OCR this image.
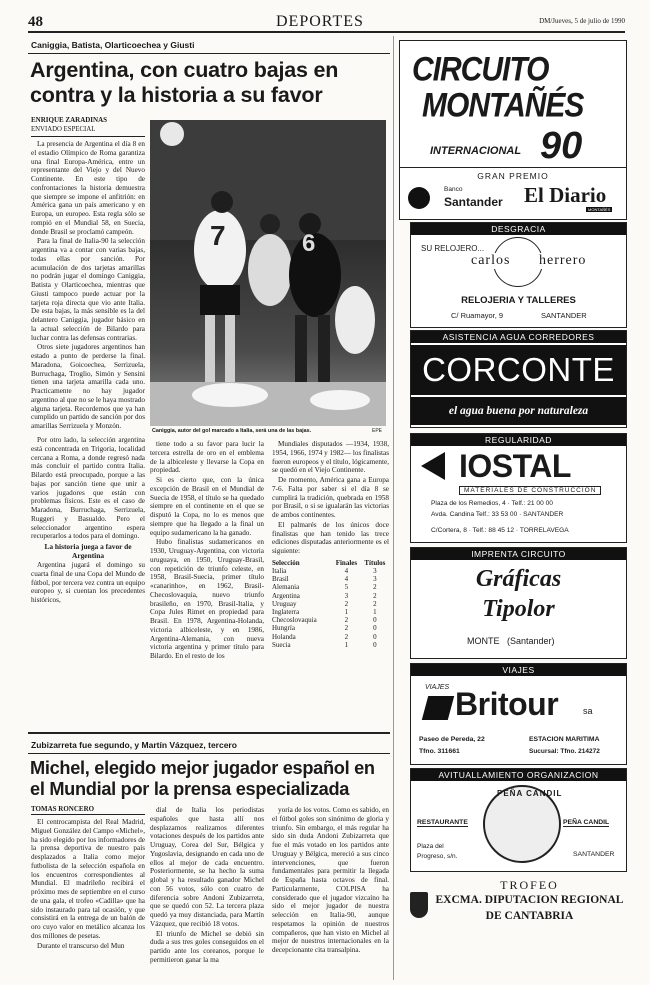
48	DEPORTES	DM/Jueves, 5 de julio de 1990
Caniggia, Batista, Olarticoechea y Giusti
Argentina, con cuatro bajas en contra y la historia a su favor
ENRIQUE ZARADINAS
ENVIADO ESPECIAL
7	6
Caniggia, autor del gol marcado a Italia, será una de las bajas.	EPE

La presencia de Argentina el día 8 en el estadio Olímpico de Roma garantiza una final Europa-América, entre un representante del Viejo y del Nuevo Continente. En este tipo de confrontaciones la historia demuestra que siempre se impone el anfitrión: en América gana un país americano y en Europa, un europeo. Esta regla sólo se rompió en el Mundial 58, en Suecia, donde Brasil se proclamó campeón.

Para la final de Italia-90 la selección argentina va a contar con varias bajas, todas ellas por sanción. Por acumulación de dos tarjetas amarillas no podrán jugar el domingo Caniggia, Batista y Olarticoechea, mientras que Giusti tampoco puede actuar por la tarjeta roja directa que vio ante Italia. De esta bajas, la más sensible es la del delantero Caniggia, jugador básico en la actual selección de Bilardo para luchar contra las defensas contrarias.

Otros siete jugadores argentinos han estado a punto de perderse la final. Maradona, Goicoechea, Serrizuela, Burruchaga, Troglio, Simón y Sensini tienen una tarjeta amarilla cada uno. Practicamente no hay jugador argentino al que no se le haya mostrado alguna tarjeta. Recordemos que ya han cumplido un partido de sanción por dos amarillas Serrizuela y Monzón.

Por otro lado, la selección argentina está concentrada en Trigoria, localidad cercana a Roma, a donde regresó nada más concluir el partido contra Italia. Bilardo está preocupado, porque a las bajas por sanción tiene que unir a varios jugadores que están con problemas físicos. Este es el caso de Maradona, Burruchaga, Serrizuela, Ruggeri y Basualdo. Pero el seleccionador argentino espera recuperarlos a todos para el domingo.

La historia juega a favor de Argentina

Argentina jugará el domingo su cuarta final de una Copa del Mundo de fútbol, por tercera vez contra un equipo europeo y, si cuentan los precedentes históricos,

tiene todo a su favor para lucir la tercera estrella de oro en el emblema de la albiceleste y llevarse la Copa en propiedad.

Si es cierto que, con la única excepción de Brasil en el Mundial de Suecia de 1958, el título se ha quedado siempre en el continente en el que se disputó la Copa, no lo es menos que siempre que ha llegado a la final un equipo sudamericano la ha ganado.

Hubo finalistas sudamericanos en 1930, Uruguay-Argentina, con victoria uruguaya, en 1950, Uruguay-Brasil, con repetición de triunfo celeste, en 1958, Brasil-Suecia, primer título «canarinho», en 1962, Brasil-Checoslovaquia, nuevo triunfo brasileño, en 1970, Brasil-Italia, y Copa Jules Rimet en propiedad para Brasil. En 1978, Argentina-Holanda, victoria albiceleste, y en 1986, Argentina-Alemania, con nueva victoria argentina y primer título para Bilardo. En el resto de los

Mundiales disputados —1934, 1938, 1954, 1966, 1974 y 1982— los finalistas fueron europeos y el título, lógicamente, se quedó en el Viejo Continente.

De momento, América gana a Europa 7-6. Falta por saber si el día 8 se cumplirá la tradición, quebrada en 1958 por Brasil, o si se igualarán las victorias de ambos continentes.

El palmarés de los únicos doce finalistas que han tenido las trece ediciones disputadas anteriormente es el siguiente:

Selección	Finales	Títulos
Italia	4	3
Brasil	4	3
Alemania	5	2
Argentina	3	2
Uruguay	2	2
Inglaterra	1	1
Checoslovaquia	2	0
Hungría	2	0
Holanda	2	0
Suecia	1	0
Zubizarreta fue segundo, y Martín Vázquez, tercero
Michel, elegido mejor jugador español en el Mundial por la prensa especializada
TOMAS RONCERO

El centrocampista del Real Madrid, Miguel González del Campo «Michel», ha sido elegido por los informadores de la prensa deportiva de nuestro país desplazados a Italia como mejor futbolista de la selección española en los encuentros correspondientes al Mundial. El madrileño recibirá el próximo mes de septiembre en el curso de una gala, el trofeo «Cadilla» que ha sido instaurado para tal ocasión, y que consistirá en la entrega de un balón de oro cuyo valor en metálico alcanza los dos millones de pesetas.

Durante el transcurso del Mun

dial de Italia los periodistas españoles que hasta allí nos desplazamos realizamos diferentes votaciones después de los partidos ante Uruguay, Corea del Sur, Bélgica y Yugoslavia, designando en cada uno de ellos al mejor de cada encuentro. Posteriormente, se ha hecho la suma global y ha resultado ganador Michel con 56 votos, sólo con cuatro de diferencia sobre Andoni Zubizarreta, que se quedó con 52. La tercera plaza quedó ya muy distanciada, para Martín Vázquez, que recibió 18 votos.

El triunfo de Michel se debió sin duda a sus tres goles conseguidos en el partido ante los coreanos, porque le permitieron ganar la ma

yoría de los votos. Como es sabido, en el fútbol goles son sinónimo de gloria y triunfo. Sin embargo, el más regular ha sido sin duda Andoni Zubizarreta que fue el más votado en los partidos ante Uruguay y Bélgica, mereció a sus cinco intervenciones, que fueron fundamentales para permitir la llegada de España hasta octavos de final. Particularmente, COLPISA ha considerado que el jugador vizcaíno ha sido el mejor jugador de nuestra selección en Italia-90, aunque respetamos la opinión de nuestros compañeros, que han visto en Michel al mejor de nuestros internacionales en la decepcionante cita transalpina.

CIRCUITO
MONTAÑÉS
INTERNACIONAL 90
GRAN PREMIO
Banco
Santander El Diario
MONTAÑÉS
DESGRACIA
SU RELOJERO...
carlos herrero
RELOJERIA Y TALLERES
C/ Ruamayor, 9	SANTANDER
ASISTENCIA AGUA CORREDORES
CORCONTE
el agua buena por naturaleza
REGULARIDAD
IOSTAL
MATERIALES DE CONSTRUCCION
Plaza de los Remedios, 4 · Telf.: 21 00 00
Avda. Candina Telf.: 33 53 00 · SANTANDER
C/Cortera, 8 · Telf.: 88 45 12 · TORRELAVEGA
IMPRENTA CIRCUITO
Gráficas
Tipolor
MONTE (Santander)
VIAJES
VIAJES Britour	sa
Paseo de Pereda, 22
Tfno. 311661
ESTACION MARITIMA
Sucursal: Tfno. 214272
AVITUALLAMIENTO ORGANIZACION
PEÑA CANDIL
RESTAURANTE	PEÑA CANDIL
Plaza del
Progreso, s/n.	SANTANDER
TROFEO
EXCMA. DIPUTACION REGIONAL
DE CANTABRIA
